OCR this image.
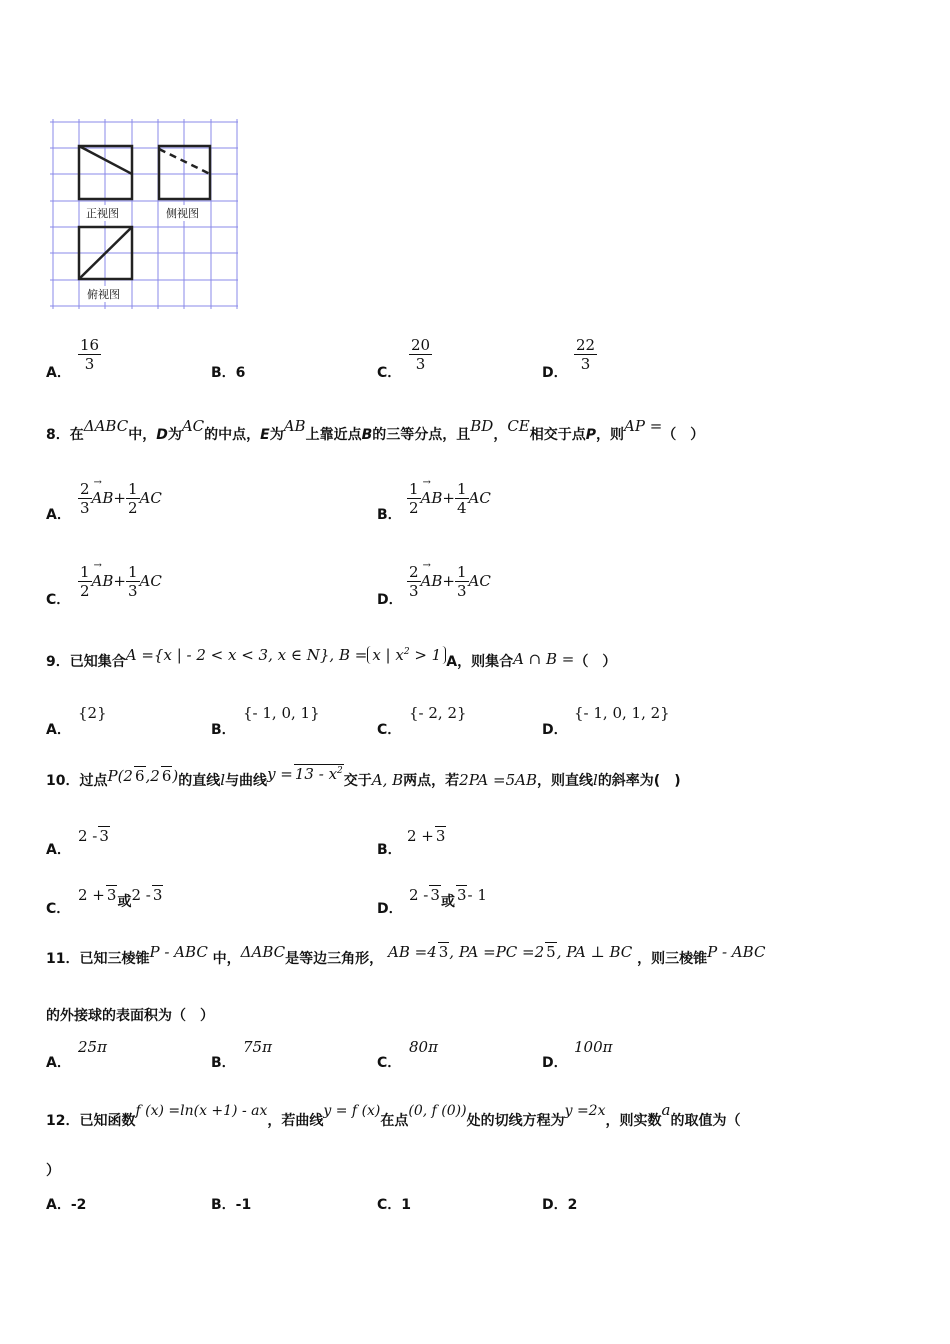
正视图	侧视图
俯视图
A． $\frac{16}{3}$	B．6	C． $\frac{20}{3}$	D． $\frac{22}{3}$
8．在ΔABC中，D为AC的中点，E为AB上靠近点B的三等分点，且BD，CE相交于点P，则AP =（　）
A． $\frac{2}{3}$
→ $AB+ \frac{1}{2}$ AC
B． $\frac{1}{2}$
→ $AB+ \frac{1}{4}$ AC
C． $\frac{1}{2}$
→ $AB+ \frac{1}{3}$ AC
D． $\frac{2}{3}$
→ $AB+ \frac{1}{3}$ AC
9．已知集合A ={x | - 2 < x < 3, x ∈ N}, B = x | $x^2 > 1$ A，则集合A ∩ B =（　）
A．
{2}
B．
{- 1, 0, 1}
C．
{- 2, 2}
D．
{- 1, 0, 1, 2}
10．过点P(2 6,2 6)的直线l与曲线$y = 13 - x^2$交于A, B两点，若2PA =5AB，则直线l的斜率为(　)
A．
2 - 3
B．
2 + 3
C．
2 + 3或2 - 3
D．
2 - 3或 3- 1
11．已知三棱锥P - ABC 中，ΔABC是等边三角形， AB =4 3, PA =PC =2 5, PA ⊥ BC ，则三棱锥P - ABC
的外接球的表面积为（　）
A．
25π
B．
75π
C．
80π
D．
100π
12．已知函数f (x) =ln(x +1) - ax，若曲线y = f (x)在点(0, f (0))处的切线方程为y =2x，则实数a的取值为（
）
A．-2	B．-1	C．1	D．2
